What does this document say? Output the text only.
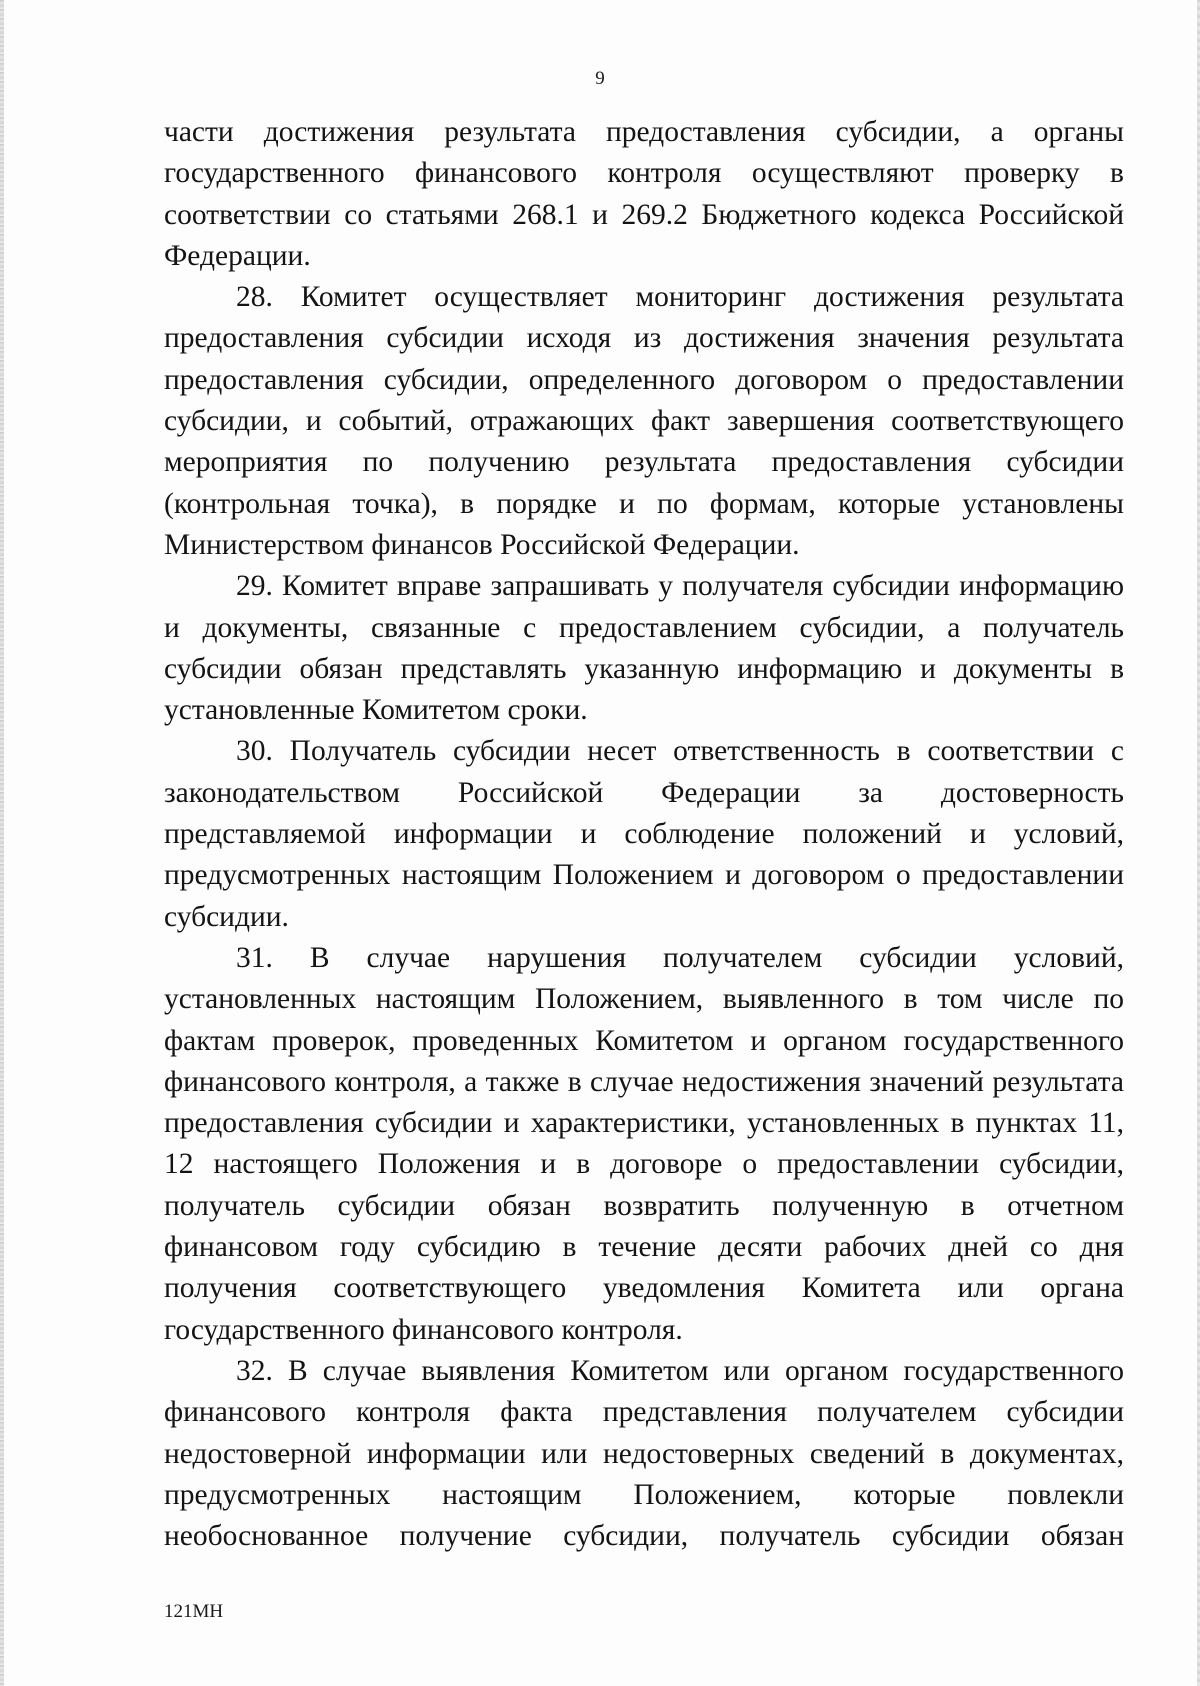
9

части достижения результата предоставления субсидии, а органы государственного финансового контроля осуществляют проверку в соответствии со статьями 268.1 и 269.2 Бюджетного кодекса Российской Федерации.

28. Комитет осуществляет мониторинг достижения результата предоставления субсидии исходя из достижения значения результата предоставления субсидии, определенного договором о предоставлении субсидии, и событий, отражающих факт завершения соответствующего мероприятия по получению результата предоставления субсидии (контрольная точка), в порядке и по формам, которые установлены Министерством финансов Российской Федерации.

29. Комитет вправе запрашивать у получателя субсидии информацию и документы, связанные с предоставлением субсидии, а получатель субсидии обязан представлять указанную информацию и документы в установленные Комитетом сроки.

30. Получатель субсидии несет ответственность в соответствии с законодательством Российской Федерации за достоверность представляемой информации и соблюдение положений и условий, предусмотренных настоящим Положением и договором о предоставлении субсидии.

31. В случае нарушения получателем субсидии условий, установленных настоящим Положением, выявленного в том числе по фактам проверок, проведенных Комитетом и органом государственного финансового контроля, а также в случае недостижения значений результата предоставления субсидии и характеристики, установленных в пунктах 11, 12 настоящего Положения и в договоре о предоставлении субсидии, получатель субсидии обязан возвратить полученную в отчетном финансовом году субсидию в течение десяти рабочих дней со дня получения соответствующего уведомления Комитета или органа государственного финансового контроля.

32. В случае выявления Комитетом или органом государственного финансового контроля факта представления получателем субсидии недостоверной информации или недостоверных сведений в документах, предусмотренных настоящим Положением, которые повлекли необоснованное получение субсидии, получатель субсидии обязан

121МН
